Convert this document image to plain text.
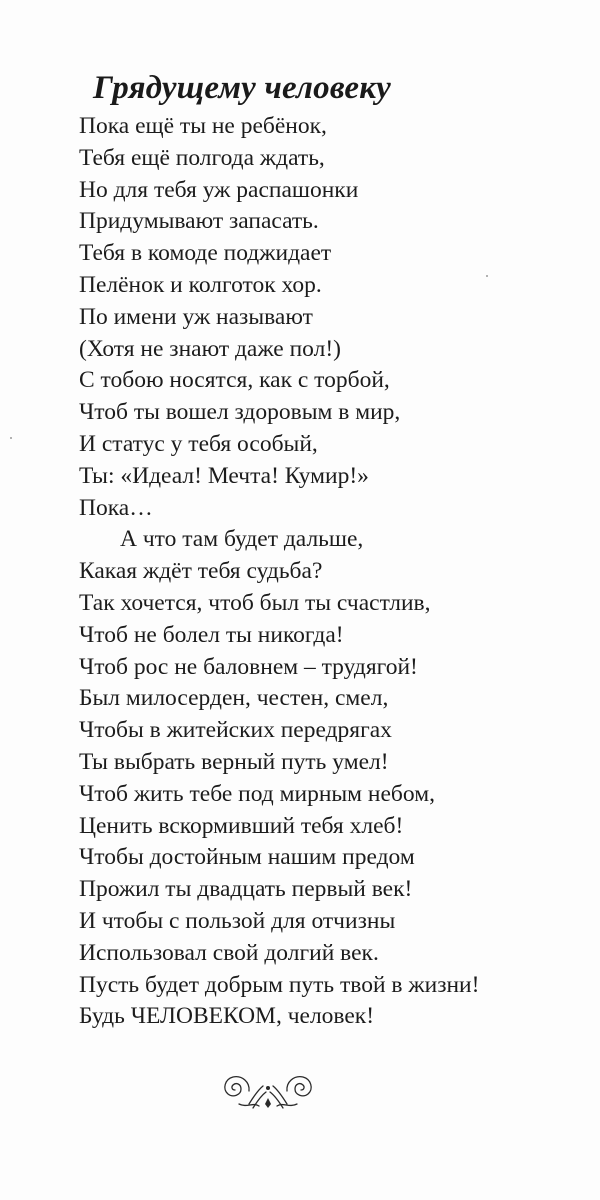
Грядущему человеку
Пока ещё ты не ребёнок,
Тебя ещё полгода ждать,
Но для тебя уж распашонки
Придумывают запасать.
Тебя в комоде поджидает
Пелёнок и колготок хор.
По имени уж называют
(Хотя не знают даже пол!)
С тобою носятся, как с торбой,
Чтоб ты вошел здоровым в мир,
И статус у тебя особый,
Ты: «Идеал! Мечта! Кумир!»
Пока…
А что там будет дальше,
Какая ждёт тебя судьба?
Так хочется, чтоб был ты счастлив,
Чтоб не болел ты никогда!
Чтоб рос не баловнем – трудягой!
Был милосерден, честен, смел,
Чтобы в житейских передрягах
Ты выбрать верный путь умел!
Чтоб жить тебе под мирным небом,
Ценить вскормивший тебя хлеб!
Чтобы достойным нашим предом
Прожил ты двадцать первый век!
И чтобы с пользой для отчизны
Использовал свой долгий век.
Пусть будет добрым путь твой в жизни!
Будь ЧЕЛОВЕКОМ, человек!
